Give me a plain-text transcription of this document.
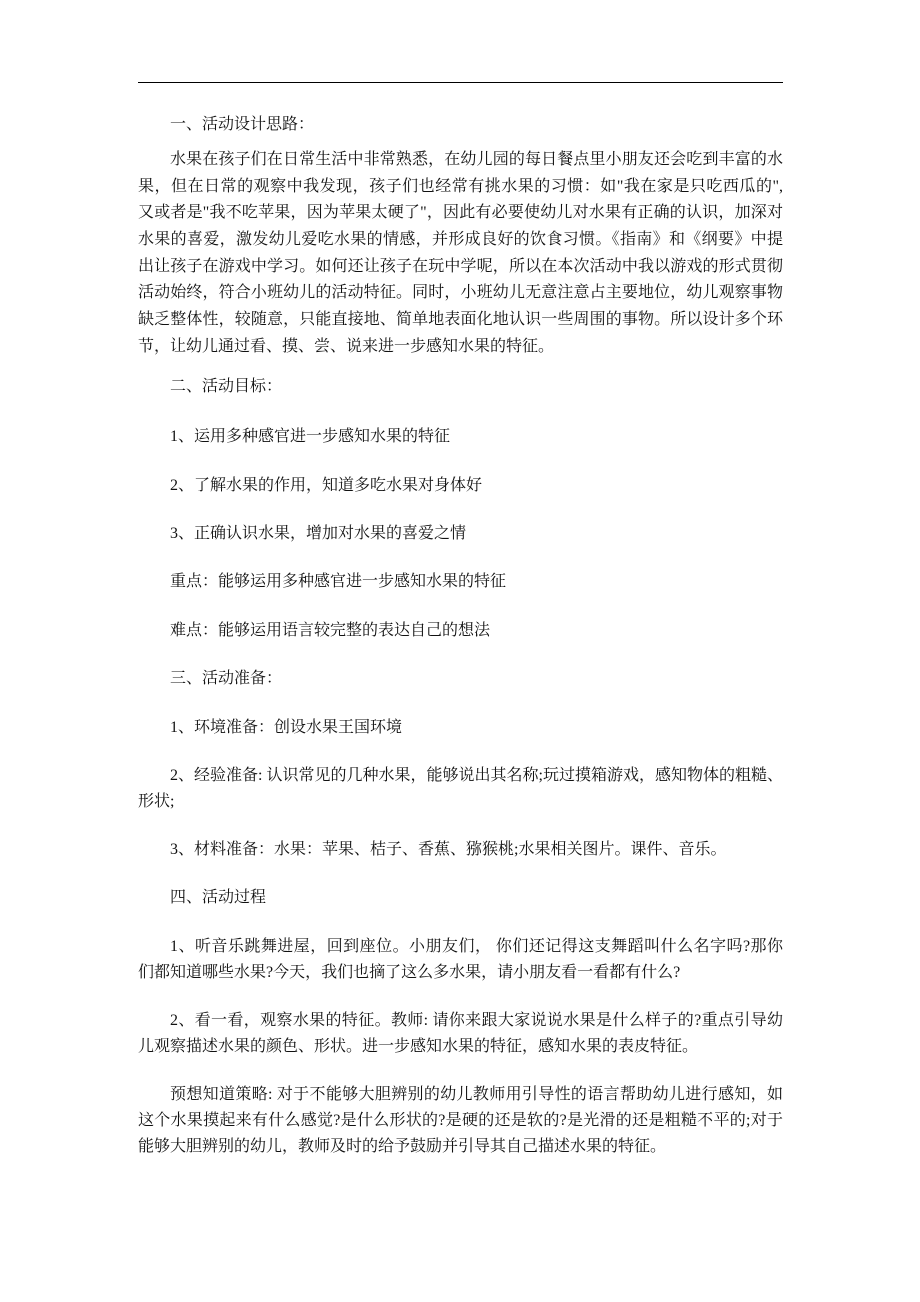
一、活动设计思路：
水果在孩子们在日常生活中非常熟悉，在幼儿园的每日餐点里小朋友还会吃到丰富的水
果，但在日常的观察中我发现，孩子们也经常有挑水果的习惯：如"我在家是只吃西瓜的",
又或者是"我不吃苹果，因为苹果太硬了"，因此有必要使幼儿对水果有正确的认识，加深对
水果的喜爱，激发幼儿爱吃水果的情感，并形成良好的饮食习惯。《指南》和《纲要》中提
出让孩子在游戏中学习。如何还让孩子在玩中学呢，所以在本次活动中我以游戏的形式贯彻
活动始终，符合小班幼儿的活动特征。同时，小班幼儿无意注意占主要地位，幼儿观察事物
缺乏整体性，较随意，只能直接地、简单地表面化地认识一些周围的事物。所以设计多个环
节，让幼儿通过看、摸、尝、说来进一步感知水果的特征。
二、活动目标：
1、运用多种感官进一步感知水果的特征
2、了解水果的作用，知道多吃水果对身体好
3、正确认识水果，增加对水果的喜爱之情
重点：能够运用多种感官进一步感知水果的特征
难点：能够运用语言较完整的表达自己的想法
三、活动准备：
1、环境准备：创设水果王国环境
2、经验准备: 认识常见的几种水果，能够说出其名称;玩过摸箱游戏，感知物体的粗糙、
形状;
3、材料准备：水果：苹果、桔子、香蕉、猕猴桃;水果相关图片。课件、音乐。
四、活动过程
1、听音乐跳舞进屋，回到座位。小朋友们， 你们还记得这支舞蹈叫什么名字吗?那你
们都知道哪些水果?今天，我们也摘了这么多水果，请小朋友看一看都有什么?
2、看一看，观察水果的特征。教师: 请你来跟大家说说水果是什么样子的?重点引导幼
儿观察描述水果的颜色、形状。进一步感知水果的特征，感知水果的表皮特征。
预想知道策略: 对于不能够大胆辨别的幼儿教师用引导性的语言帮助幼儿进行感知，如
这个水果摸起来有什么感觉?是什么形状的?是硬的还是软的?是光滑的还是粗糙不平的;对于
能够大胆辨别的幼儿，教师及时的给予鼓励并引导其自己描述水果的特征。
